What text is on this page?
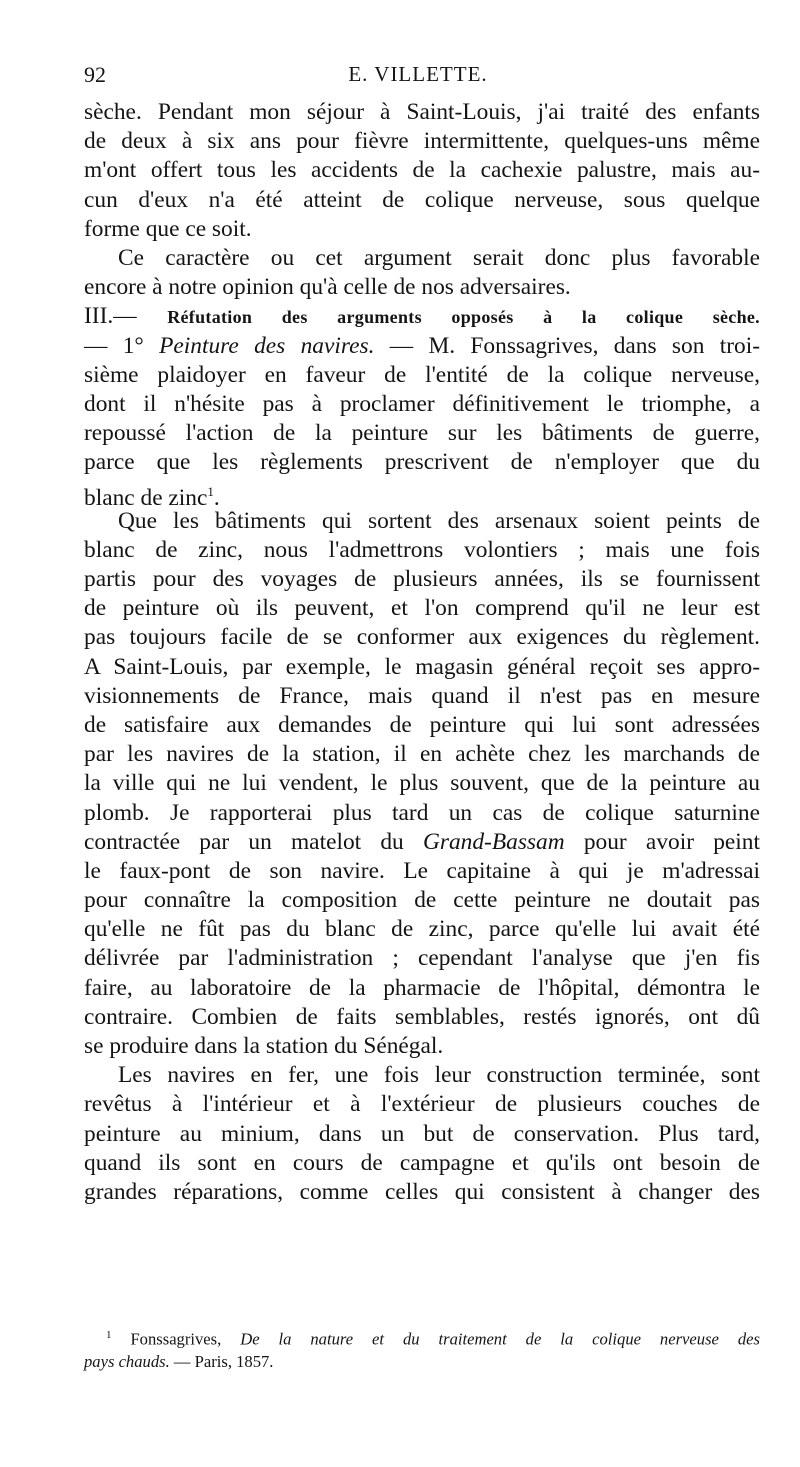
92	E. VILLETTE.
sèche. Pendant mon séjour à Saint-Louis, j'ai traité des enfants
de deux à six ans pour fièvre intermittente, quelques-uns même
m'ont offert tous les accidents de la cachexie palustre, mais au-
cun d'eux n'a été atteint de colique nerveuse, sous quelque
forme que ce soit.
Ce caractère ou cet argument serait donc plus favorable
encore à notre opinion qu'à celle de nos adversaires.
III.— Réfutation des arguments opposés à la colique sèche.
— 1° Peinture des navires. — M. Fonssagrives, dans son troi-
sième plaidoyer en faveur de l'entité de la colique nerveuse,
dont il n'hésite pas à proclamer définitivement le triomphe, a
repoussé l'action de la peinture sur les bâtiments de guerre,
parce que les règlements prescrivent de n'employer que du
blanc de zinc$^1$.
Que les bâtiments qui sortent des arsenaux soient peints de
blanc de zinc, nous l'admettrons volontiers ; mais une fois
partis pour des voyages de plusieurs années, ils se fournissent
de peinture où ils peuvent, et l'on comprend qu'il ne leur est
pas toujours facile de se conformer aux exigences du règlement.
A Saint-Louis, par exemple, le magasin général reçoit ses appro-
visionnements de France, mais quand il n'est pas en mesure
de satisfaire aux demandes de peinture qui lui sont adressées
par les navires de la station, il en achète chez les marchands de
la ville qui ne lui vendent, le plus souvent, que de la peinture au
plomb. Je rapporterai plus tard un cas de colique saturnine
contractée par un matelot du Grand-Bassam pour avoir peint
le faux-pont de son navire. Le capitaine à qui je m'adressai
pour connaître la composition de cette peinture ne doutait pas
qu'elle ne fût pas du blanc de zinc, parce qu'elle lui avait été
délivrée par l'administration ; cependant l'analyse que j'en fis
faire, au laboratoire de la pharmacie de l'hôpital, démontra le
contraire. Combien de faits semblables, restés ignorés, ont dû
se produire dans la station du Sénégal.
Les navires en fer, une fois leur construction terminée, sont
revêtus à l'intérieur et à l'extérieur de plusieurs couches de
peinture au minium, dans un but de conservation. Plus tard,
quand ils sont en cours de campagne et qu'ils ont besoin de
grandes réparations, comme celles qui consistent à changer des
$^1$ Fonssagrives, De la nature et du traitement de la colique nerveuse des
pays chauds. — Paris, 1857.
